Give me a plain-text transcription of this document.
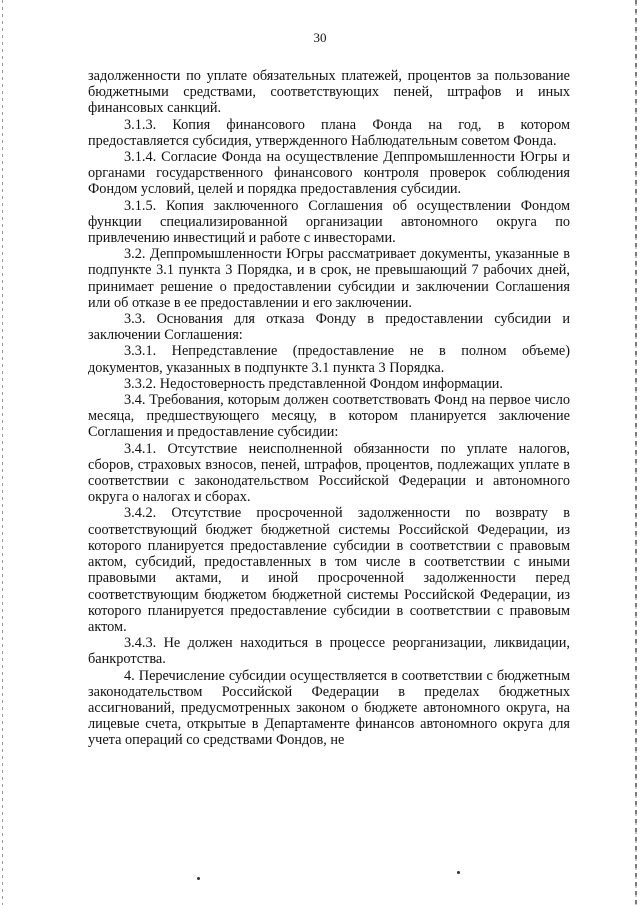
30

задолженности по уплате обязательных платежей, процентов за пользование бюджетными средствами, соответствующих пеней, штрафов и иных финансовых санкций.

3.1.3. Копия финансового плана Фонда на год, в котором предоставляется субсидия, утвержденного Наблюдательным советом Фонда.

3.1.4. Согласие Фонда на осуществление Деппромышленности Югры и органами государственного финансового контроля проверок соблюдения Фондом условий, целей и порядка предоставления субсидии.

3.1.5. Копия заключенного Соглашения об осуществлении Фондом функции специализированной организации автономного округа по привлечению инвестиций и работе с инвесторами.

3.2. Деппромышленности Югры рассматривает документы, указанные в подпункте 3.1 пункта 3 Порядка, и в срок, не превышающий 7 рабочих дней, принимает решение о предоставлении субсидии и заключении Соглашения или об отказе в ее предоставлении и его заключении.

3.3. Основания для отказа Фонду в предоставлении субсидии и заключении Соглашения:

3.3.1. Непредставление (предоставление не в полном объеме) документов, указанных в подпункте 3.1 пункта 3 Порядка.

3.3.2. Недостоверность представленной Фондом информации.

3.4. Требования, которым должен соответствовать Фонд на первое число месяца, предшествующего месяцу, в котором планируется заключение Соглашения и предоставление субсидии:

3.4.1. Отсутствие неисполненной обязанности по уплате налогов, сборов, страховых взносов, пеней, штрафов, процентов, подлежащих уплате в соответствии с законодательством Российской Федерации и автономного округа о налогах и сборах.

3.4.2. Отсутствие просроченной задолженности по возврату в соответствующий бюджет бюджетной системы Российской Федерации, из которого планируется предоставление субсидии в соответствии с правовым актом, субсидий, предоставленных в том числе в соответствии с иными правовыми актами, и иной просроченной задолженности перед соответствующим бюджетом бюджетной системы Российской Федерации, из которого планируется предоставление субсидии в соответствии с правовым актом.

3.4.3. Не должен находиться в процессе реорганизации, ликвидации, банкротства.

4. Перечисление субсидии осуществляется в соответствии с бюджетным законодательством Российской Федерации в пределах бюджетных ассигнований, предусмотренных законом о бюджете автономного округа, на лицевые счета, открытые в Департаменте финансов автономного округа для учета операций со средствами Фондов, не
